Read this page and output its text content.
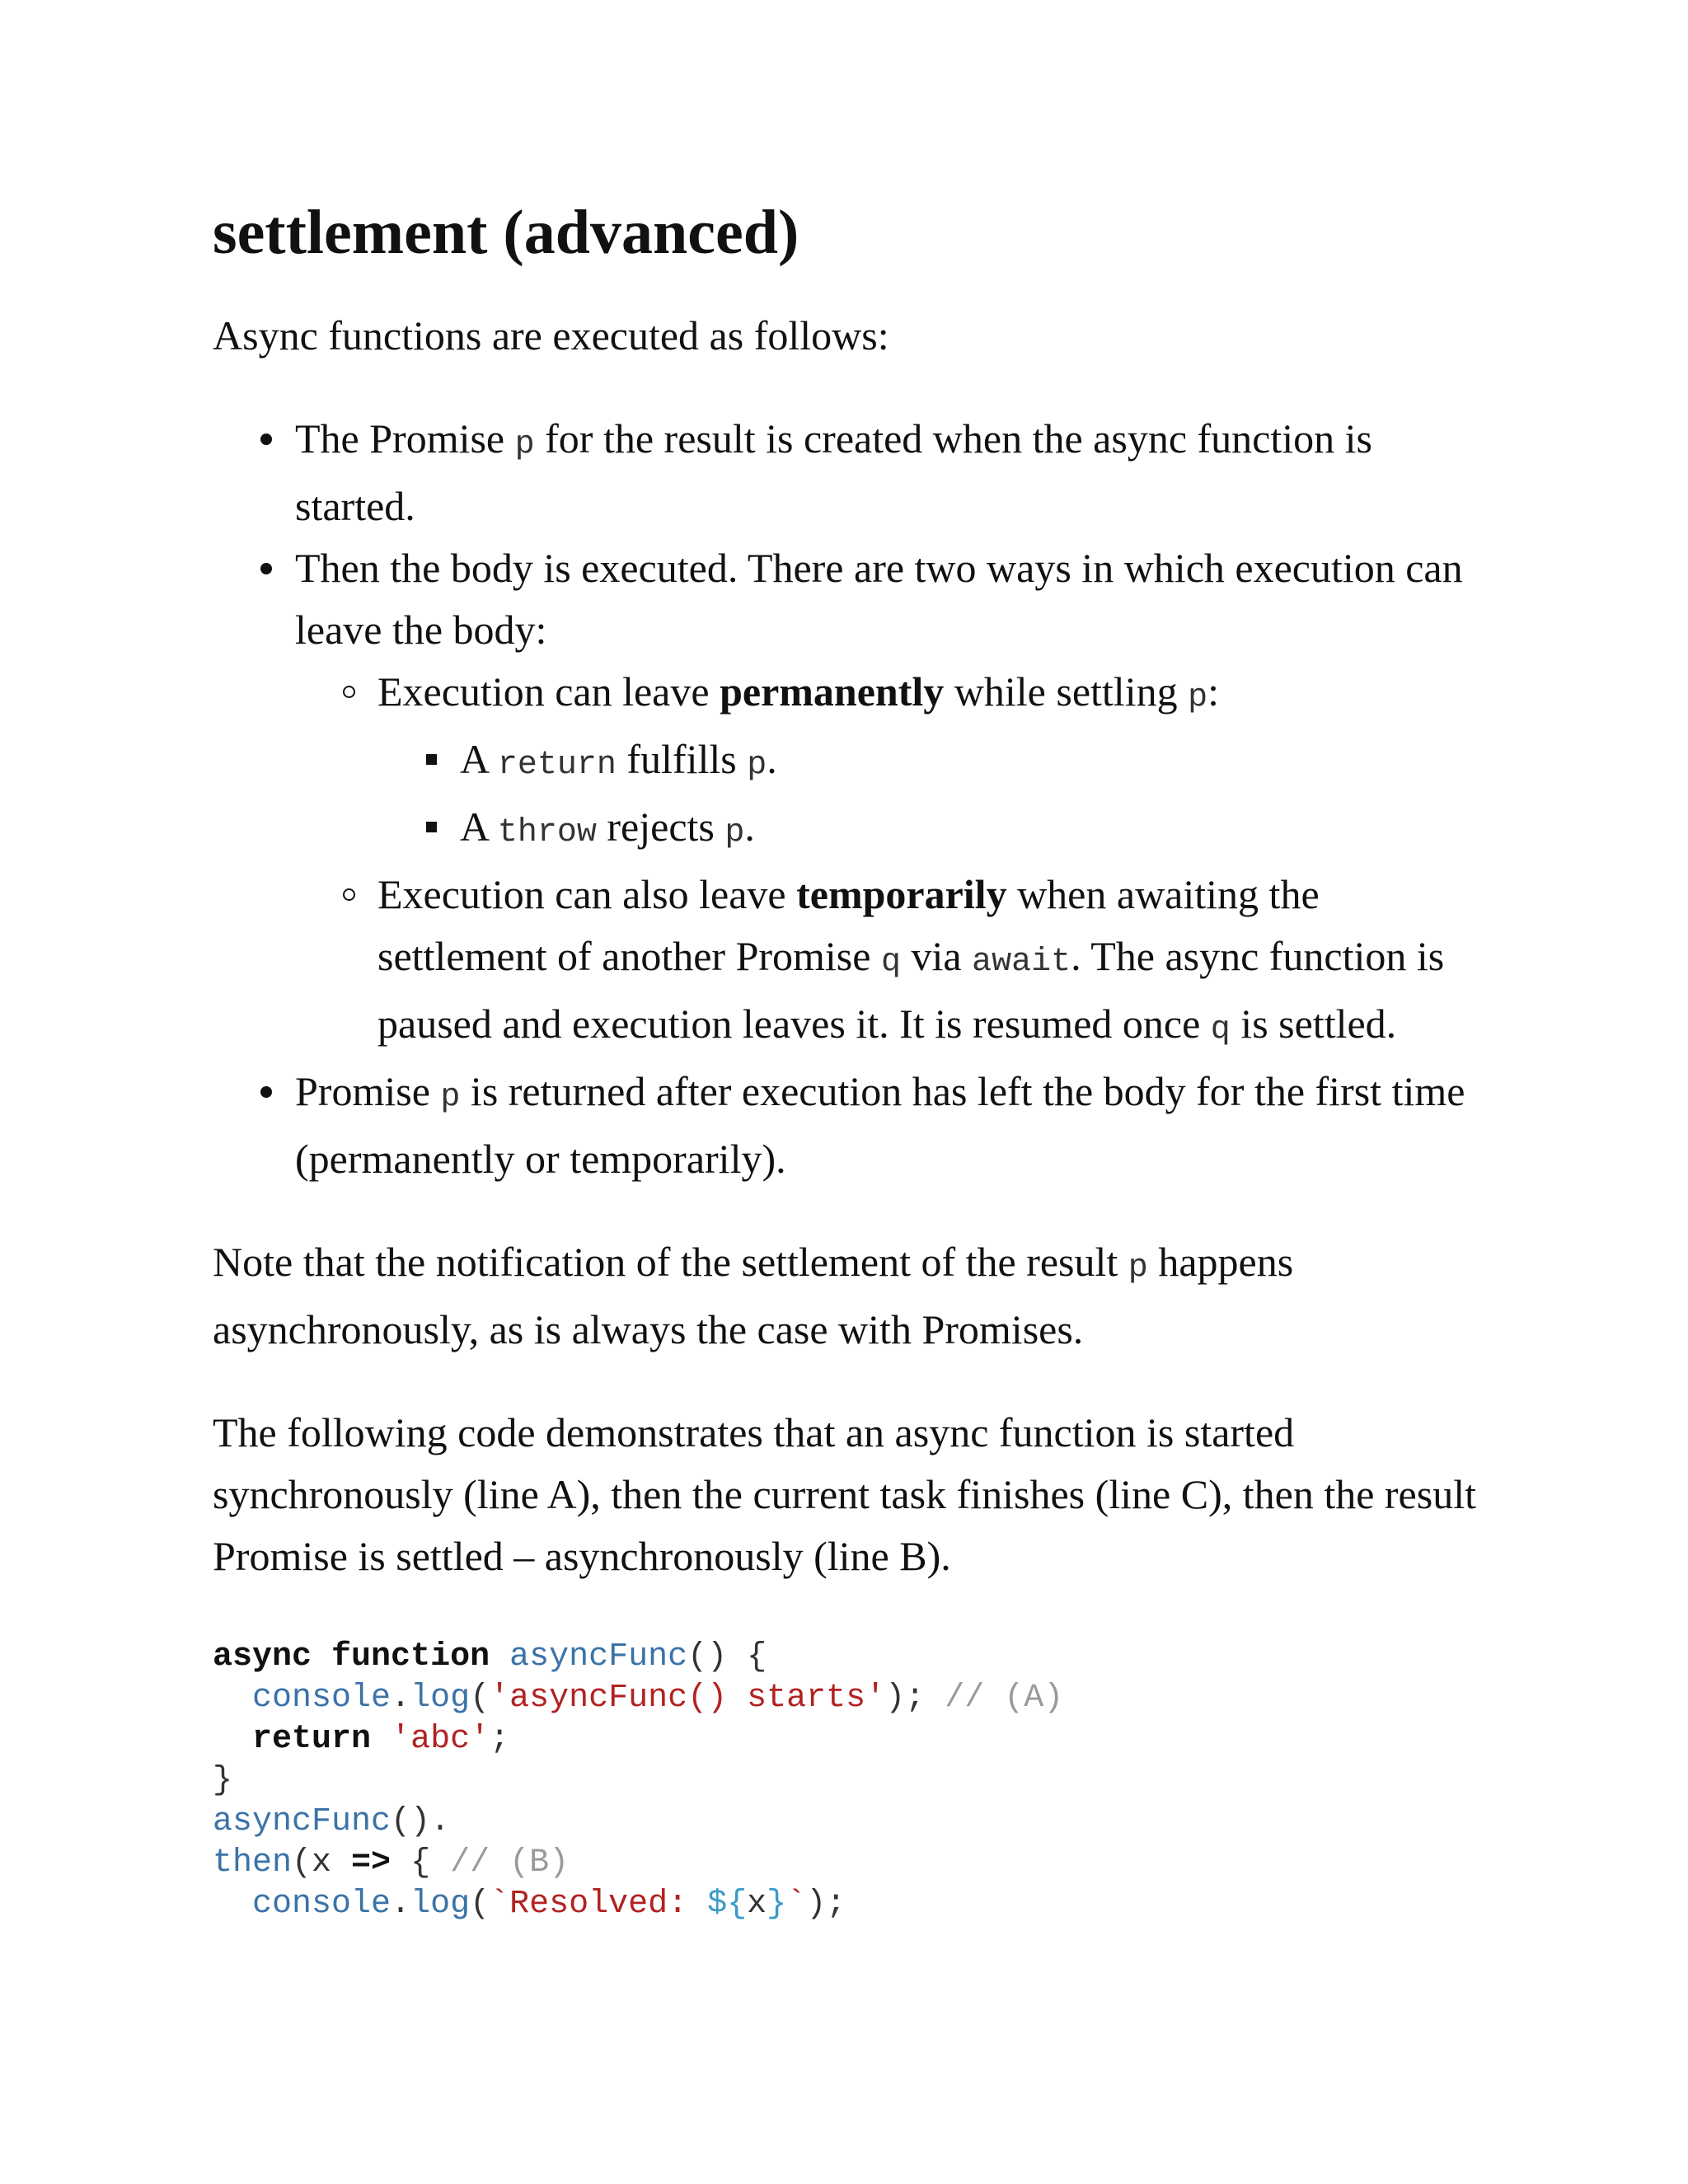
settlement (advanced)

Async functions are executed as follows:

The Promise p for the result is created when the async function is started.
Then the body is executed. There are two ways in which execution can leave the body:
Execution can leave permanently while settling p:
A return fulfills p.
A throw rejects p.
Execution can also leave temporarily when awaiting the settlement of another Promise q via await. The async function is paused and execution leaves it. It is resumed once q is settled.
Promise p is returned after execution has left the body for the first time (permanently or temporarily).

Note that the notification of the settlement of the result p happens asynchronously, as is always the case with Promises.

The following code demonstrates that an async function is started synchronously (line A), then the current task finishes (line C), then the result Promise is settled – asynchronously (line B).

async function asyncFunc() {
console.log('asyncFunc() starts'); // (A)
return 'abc';
}
asyncFunc().
then(x => { // (B)
console.log(`Resolved: ${x}`);
